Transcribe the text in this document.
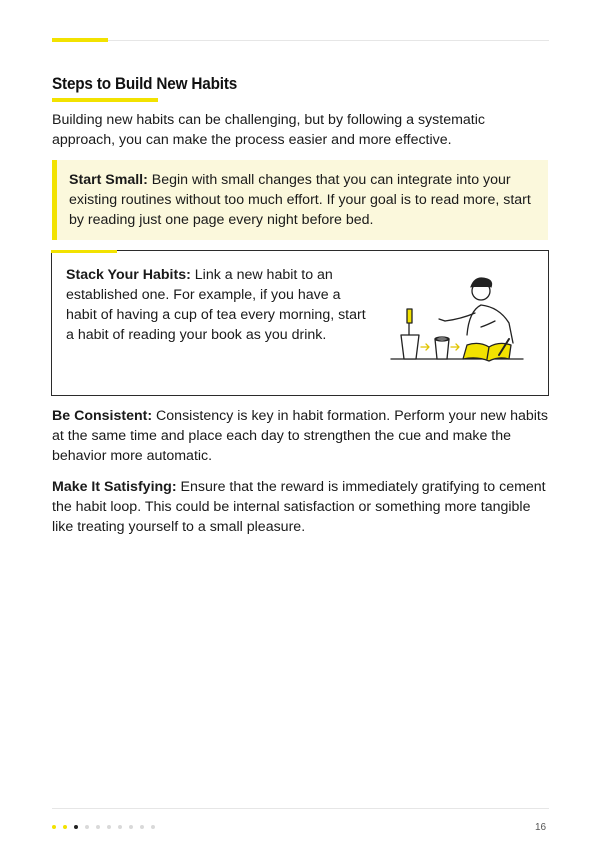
Steps to Build New Habits

Building new habits can be challenging, but by following a systematic approach, you can make the process easier and more effective.

Start Small: Begin with small changes that you can integrate into your existing routines without too much effort. If your goal is to read more, start by reading just one page every night before bed.

Stack Your Habits: Link a new habit to an established one. For example, if you have a habit of having a cup of tea every morning, start a habit of reading your book as you drink.

Be Consistent: Consistency is key in habit formation. Perform your new habits at the same time and place each day to strengthen the cue and make the behavior more automatic.

Make It Satisfying: Ensure that the reward is immediately gratifying to cement the habit loop. This could be internal satisfaction or something more tangible like treating yourself to a small pleasure.

16
